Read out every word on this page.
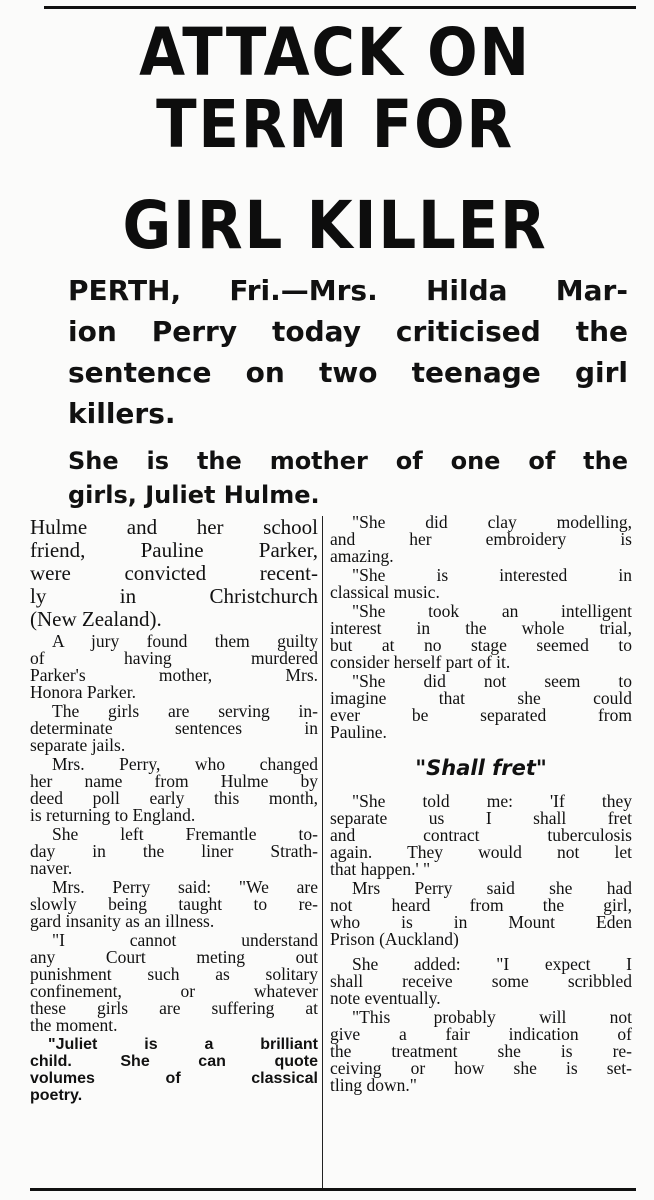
ATTACK ON
TERM FOR
GIRL KILLER
PERTH, Fri.—Mrs. Hilda Mar-
ion Perry today criticised the
sentence on two teenage girl
killers.
She is the mother of one of the
girls, Juliet Hulme.

Hulme and her school
friend, Pauline Parker,
were convicted recent-
ly in Christchurch
(New Zealand).

A jury found them guilty
of having murdered
Parker's mother, Mrs.
Honora Parker.

The girls are serving in-
determinate sentences in
separate jails.

Mrs. Perry, who changed
her name from Hulme by
deed poll early this month,
is returning to England.

She left Fremantle to-
day in the liner Strath-
naver.

Mrs. Perry said: "We are
slowly being taught to re-
gard insanity as an illness.

"I cannot understand
any Court meting out
punishment such as solitary
confinement, or whatever
these girls are suffering at
the moment.

"Juliet is a brilliant
child. She can quote
volumes of classical
poetry.

"She did clay modelling,
and her embroidery is
amazing.

"She is interested in
classical music.

"She took an intelligent
interest in the whole trial,
but at no stage seemed to
consider herself part of it.

"She did not seem to
imagine that she could
ever be separated from
Pauline.

"Shall fret"

"She told me: 'If they
separate us I shall fret
and contract tuberculosis
again. They would not let
that happen.' "

Mrs Perry said she had
not heard from the girl,
who is in Mount Eden
Prison (Auckland)

She added: "I expect I
shall receive some scribbled
note eventually.

"This probably will not
give a fair indication of
the treatment she is re-
ceiving or how she is set-
tling down."
